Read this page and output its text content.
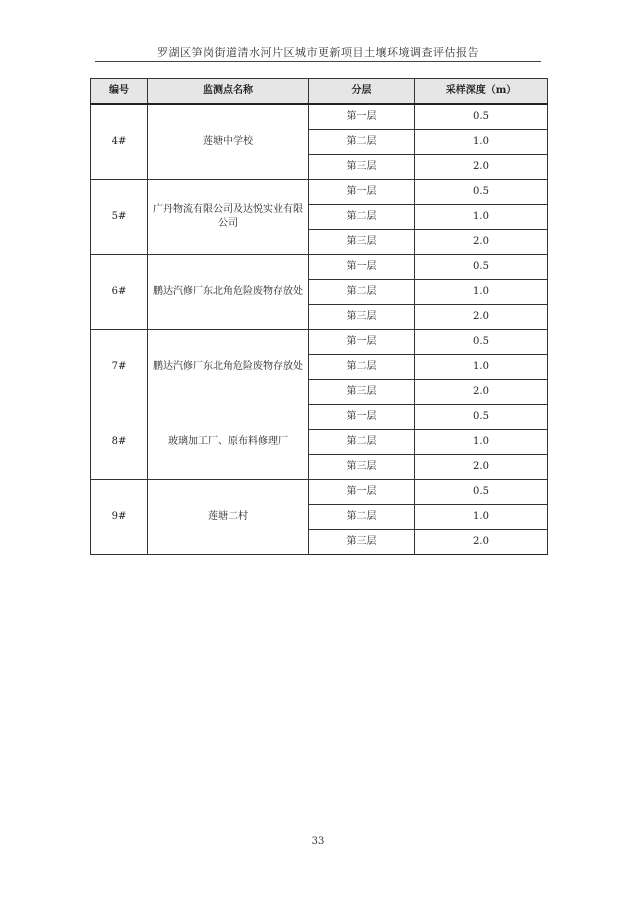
罗湖区笋岗街道清水河片区城市更新项目土壤环境调查评估报告
编号	监测点名称	分层	采样深度（m）
4#	莲塘中学校	第一层	0.5
		第二层	1.0
		第三层	2.0
5#	广丹物流有限公司及达悦实业有限公司	第一层	0.5
		第二层	1.0
		第三层	2.0
6#	鹏达汽修厂东北角危险废物存放处	第一层	0.5
		第二层	1.0
		第三层	2.0
7#	鹏达汽修厂东北角危险废物存放处	第一层	0.5
		第二层	1.0
		第三层	2.0
8#	玻璃加工厂、原布料修理厂	第一层	0.5
		第二层	1.0
		第三层	2.0
9#	莲塘二村	第一层	0.5
		第二层	1.0
		第三层	2.0
33
